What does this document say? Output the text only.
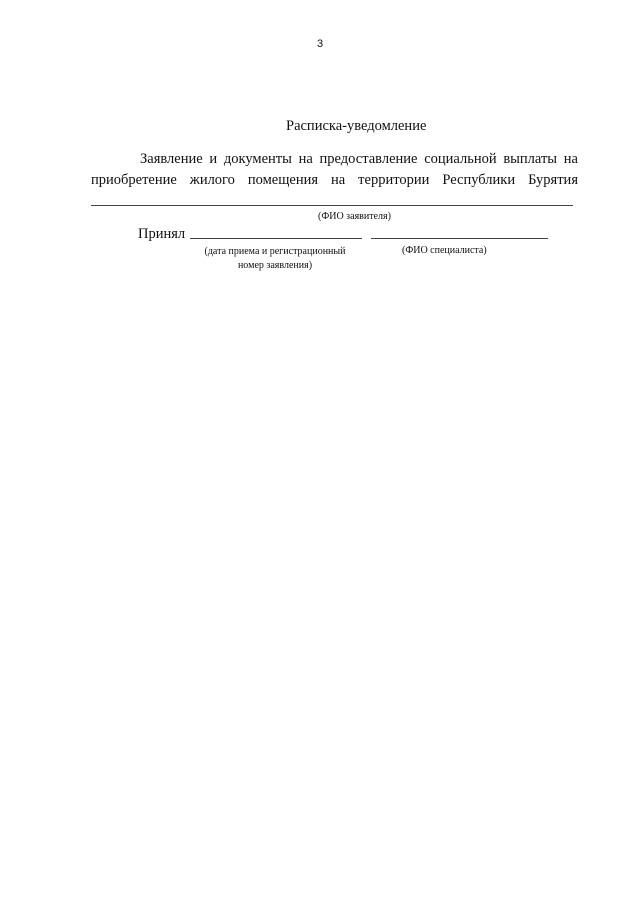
3
Расписка-уведомление
Заявление и документы на предоставление социальной выплаты на
приобретение жилого помещения на территории Республики Бурятия
(ФИО заявителя)
Принял
(дата приема и регистрационный
номер заявления)
(ФИО специалиста)
